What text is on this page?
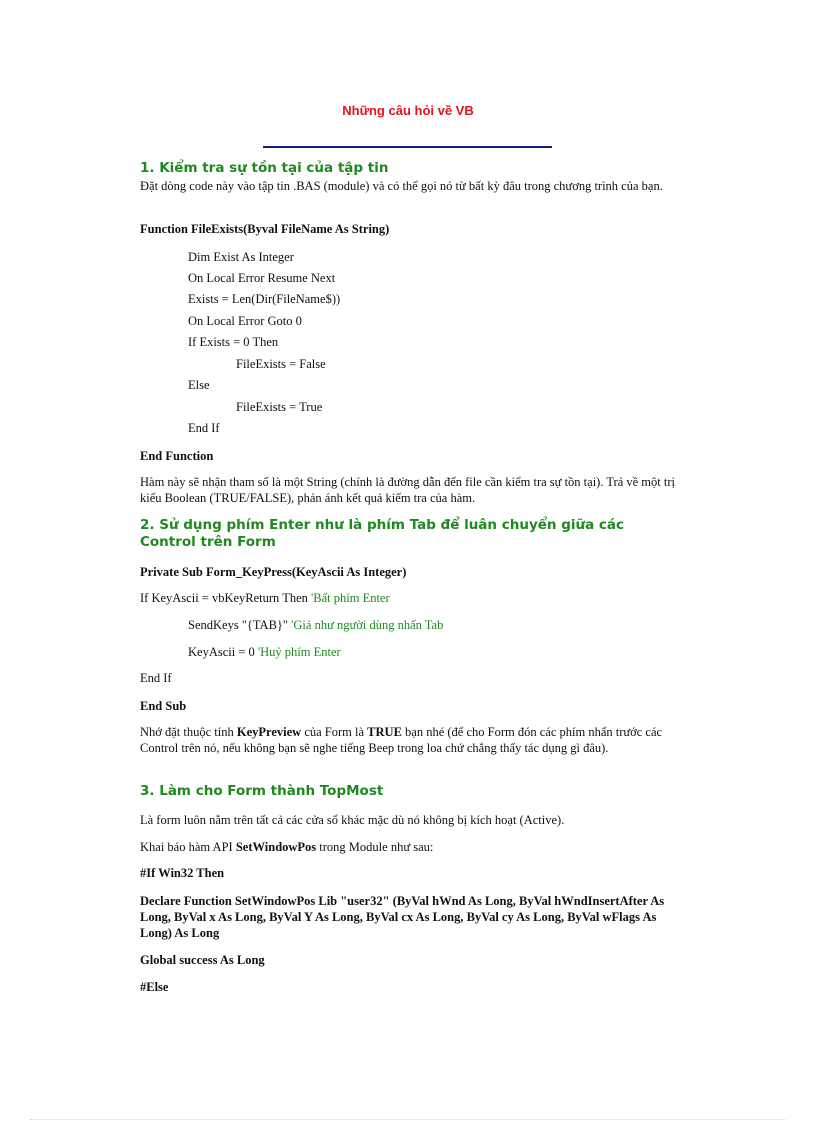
Những câu hỏi về VB
1. Kiểm tra sự tồn tại của tập tin
Đặt dòng code này vào tập tin .BAS (module) và có thể gọi nó từ bất kỳ đâu trong chương trình của bạn.
Function FileExists(Byval FileName As String)
Dim Exist As Integer
On Local Error Resume Next
Exists = Len(Dir(FileName$))
On Local Error Goto 0
If Exists = 0 Then
FileExists = False
Else
FileExists = True
End If
End Function
Hàm này sẽ nhận tham số là một String (chính là đường dẫn đến file cần kiểm tra sự tồn tại). Trả về một trị kiểu Boolean (TRUE/FALSE), phản ánh kết quả kiểm tra của hàm.
2. Sử dụng phím Enter như là phím Tab để luân chuyển giữa các Control trên Form
Private Sub Form_KeyPress(KeyAscii As Integer)
If KeyAscii = vbKeyReturn Then 'Bất phím Enter
SendKeys "{TAB}" 'Giả như người dùng nhấn Tab
KeyAscii = 0 'Huỷ phím Enter
End If
End Sub
Nhớ đặt thuộc tính KeyPreview của Form là TRUE bạn nhé (để cho Form đón các phím nhấn trước các Control trên nó, nếu không bạn sẽ nghe tiếng Beep trong loa chứ chẳng thấy tác dụng gì đâu).
3. Làm cho Form thành TopMost
Là form luôn nằm trên tất cả các cửa sổ khác mặc dù nó không bị kích hoạt (Active).
Khai báo hàm API SetWindowPos trong Module như sau:
#If Win32 Then
Declare Function SetWindowPos Lib "user32" (ByVal hWnd As Long, ByVal hWndInsertAfter As Long, ByVal x As Long, ByVal Y As Long, ByVal cx As Long, ByVal cy As Long, ByVal wFlags As Long) As Long
Global success As Long
#Else
